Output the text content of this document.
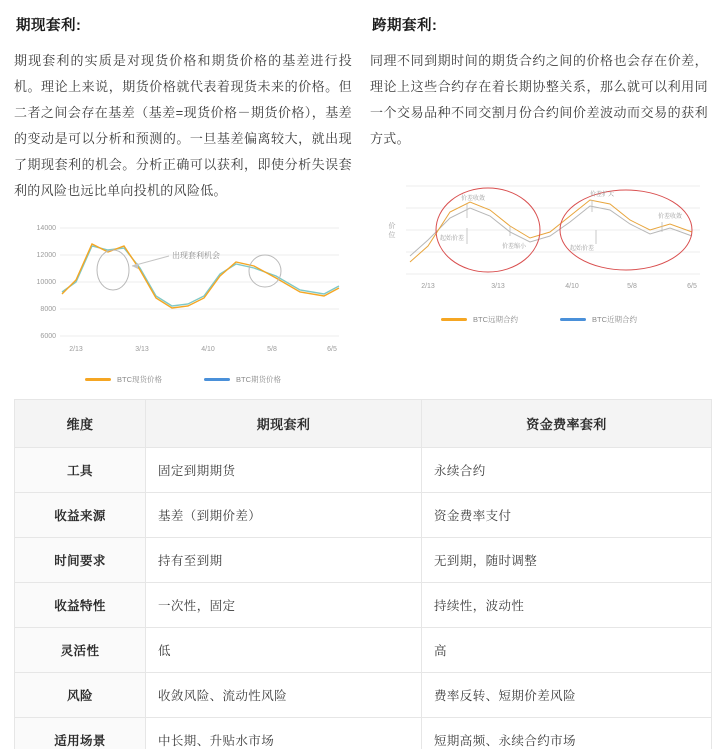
期现套利:

期现套利的实质是对现货价格和期货价格的基差进行投机。理论上来说，期货价格就代表着现货未来的价格。但二者之间会存在基差（基差=现货价格－期货价格），基差的变动是可以分析和预测的。一旦基差偏离较大，就出现了期现套利的机会。分析正确可以获利，即使分析失误套利的风险也远比单向投机的风险低。

14000
12000
10000
8000
6000
2/13	3/13	4/10	5/8	6/5
出现套利机会
BTC现货价格	BTC期货价格
跨期套利:

同理不同到期时间的期货合约之间的价格也会存在价差，理论上这些合约存在着长期协整关系，那么就可以利用同一个交易品种不同交割月份合约间价差波动而交易的获利方式。

价
位
2/13	3/13	4/10	5/8	6/5
价差收敛
起始价差
价差缩小
价差扩大
价差收敛
起始价差
BTC远期合约	BTC近期合约
维度	期现套利	资金费率套利
工具	固定到期期货	永续合约
收益来源	基差（到期价差）	资金费率支付
时间要求	持有至到期	无到期，随时调整
收益特性	一次性，固定	持续性，波动性
灵活性	低	高
风险	收敛风险、流动性风险	费率反转、短期价差风险
适用场景	中长期、升贴水市场	短期高频、永续合约市场
